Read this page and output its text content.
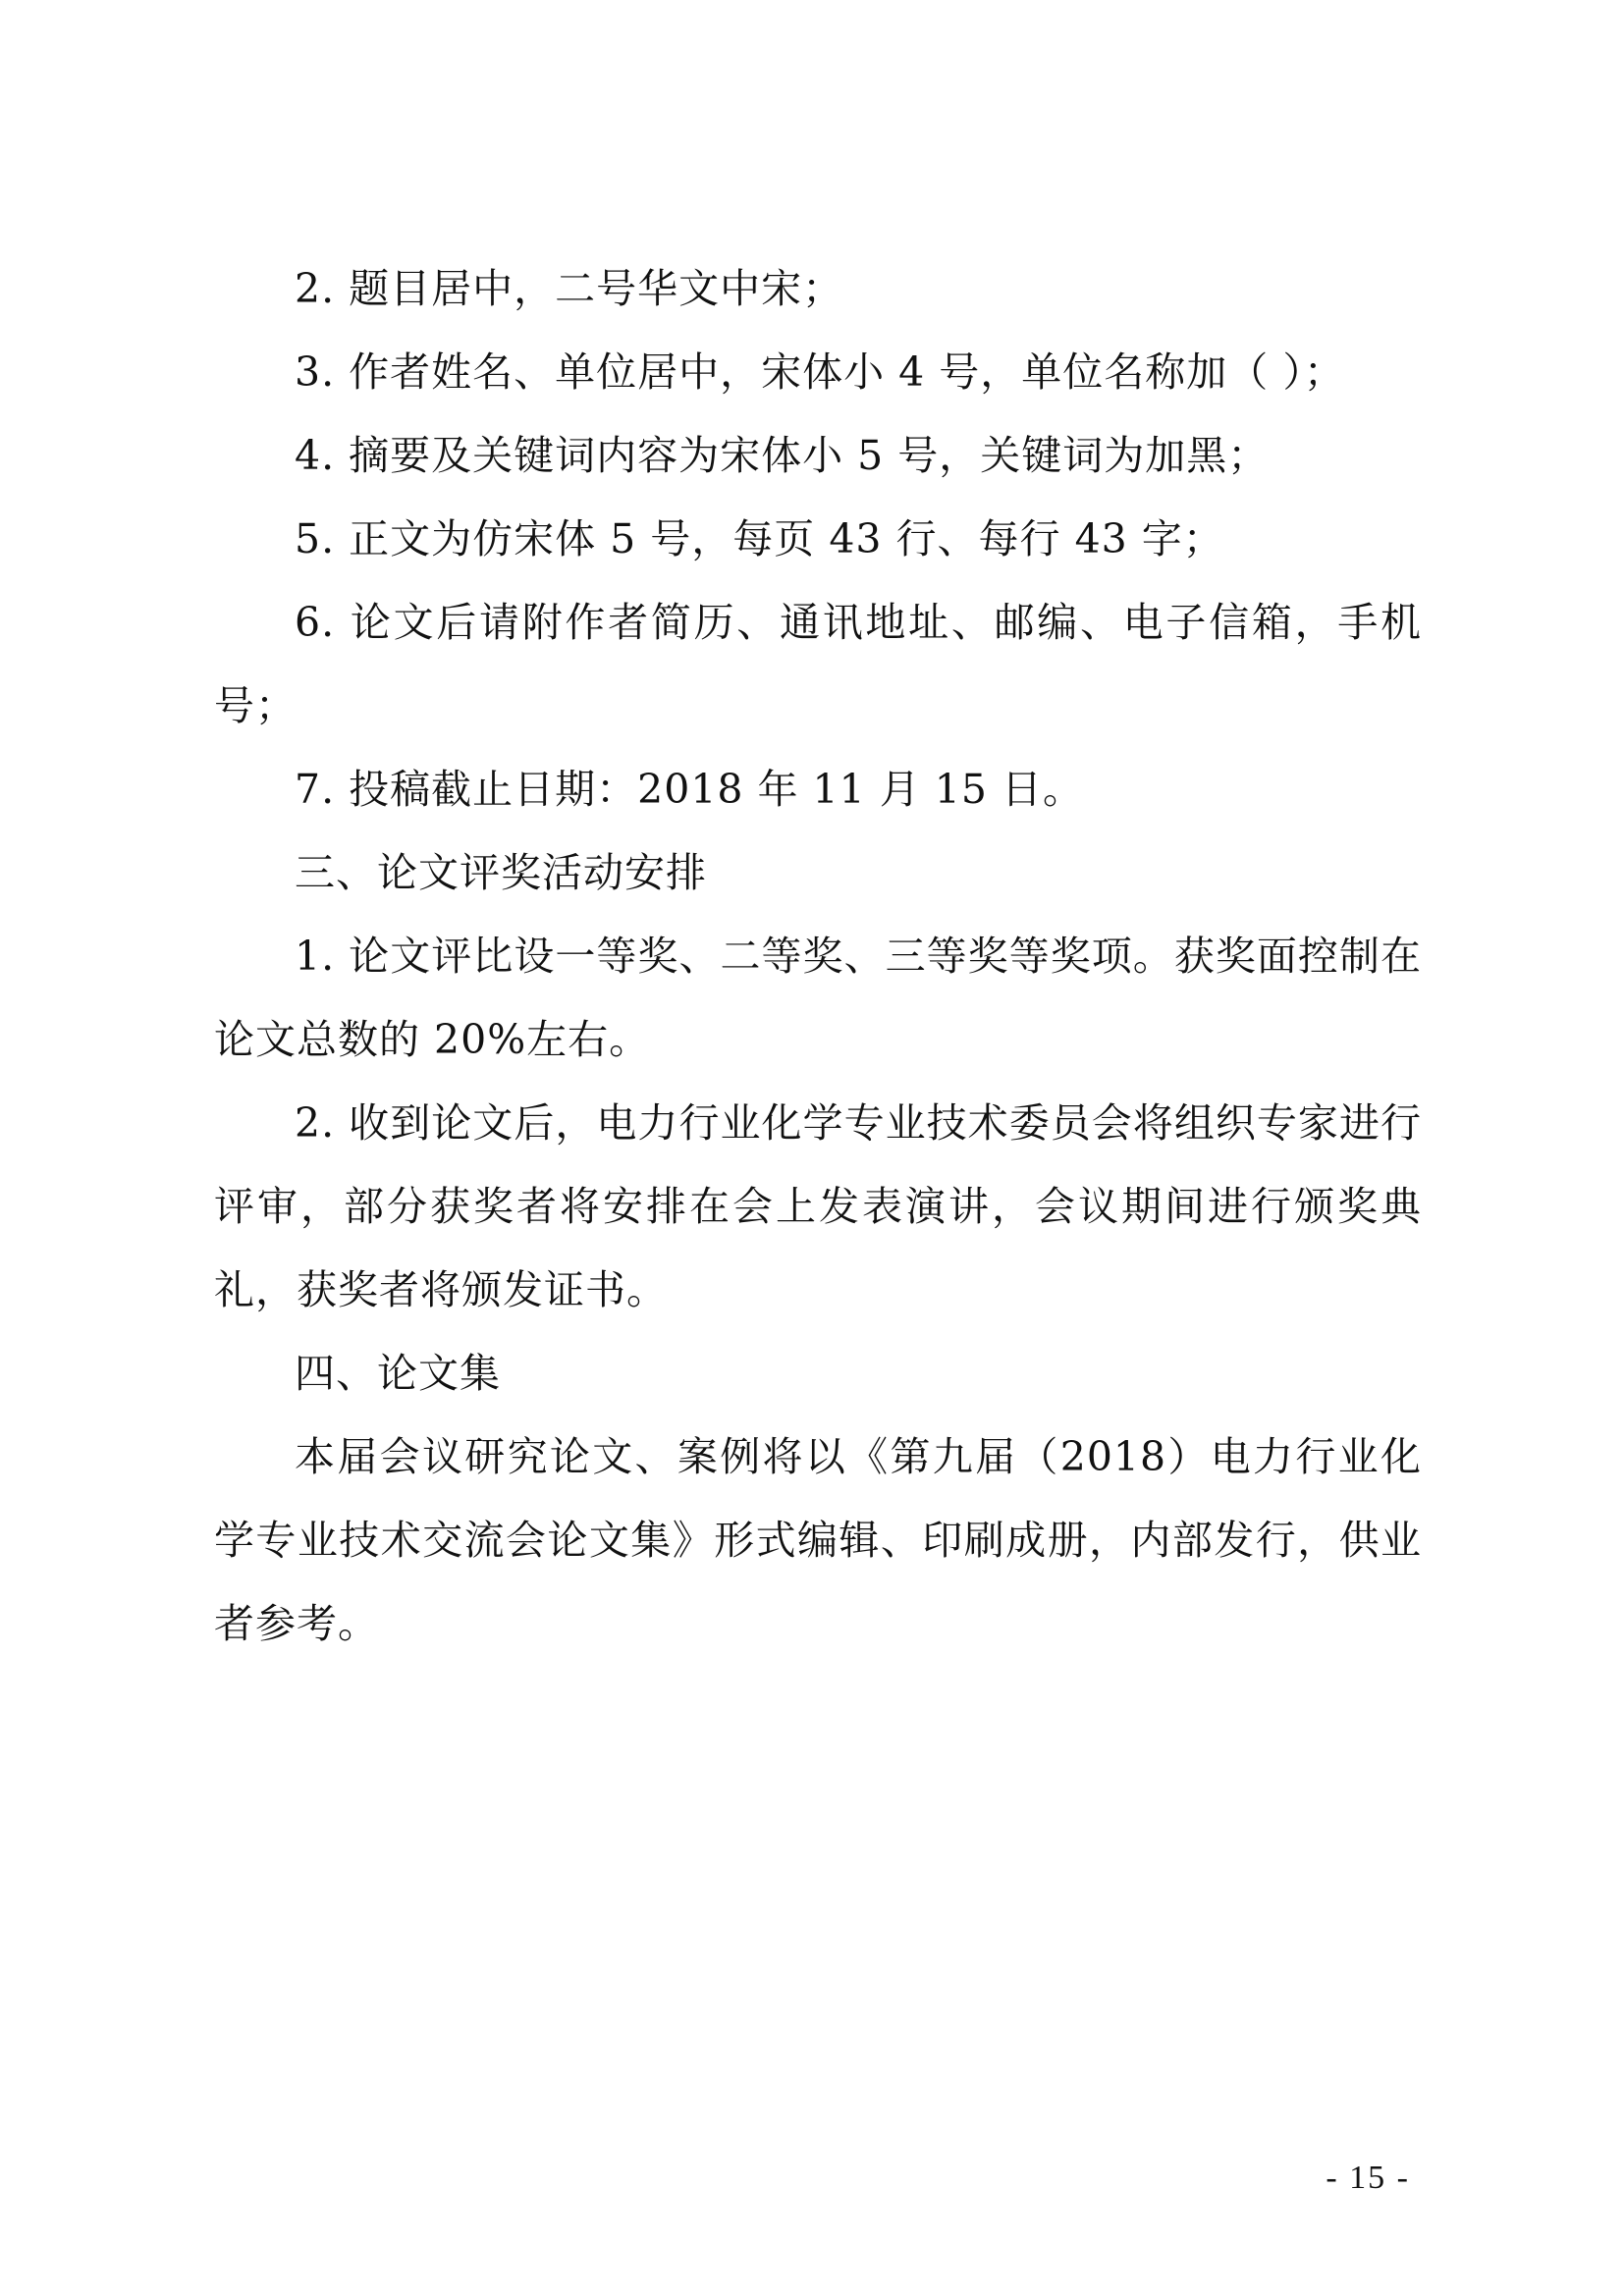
2. 题目居中，二号华文中宋；

3. 作者姓名、单位居中，宋体小 4 号，单位名称加（ ）；

4. 摘要及关键词内容为宋体小 5 号，关键词为加黑；

5. 正文为仿宋体 5 号，每页 43 行、每行 43 字；

6. 论文后请附作者简历、通讯地址、邮编、电子信箱，手机号；

7. 投稿截止日期：2018 年 11 月 15 日。

三、论文评奖活动安排

1. 论文评比设一等奖、二等奖、三等奖等奖项。获奖面控制在论文总数的 20%左右。

2. 收到论文后，电力行业化学专业技术委员会将组织专家进行评审，部分获奖者将安排在会上发表演讲，会议期间进行颁奖典礼，获奖者将颁发证书。

四、论文集

本届会议研究论文、案例将以《第九届（2018）电力行业化学专业技术交流会论文集》形式编辑、印刷成册，内部发行，供业者参考。

- 15 -
